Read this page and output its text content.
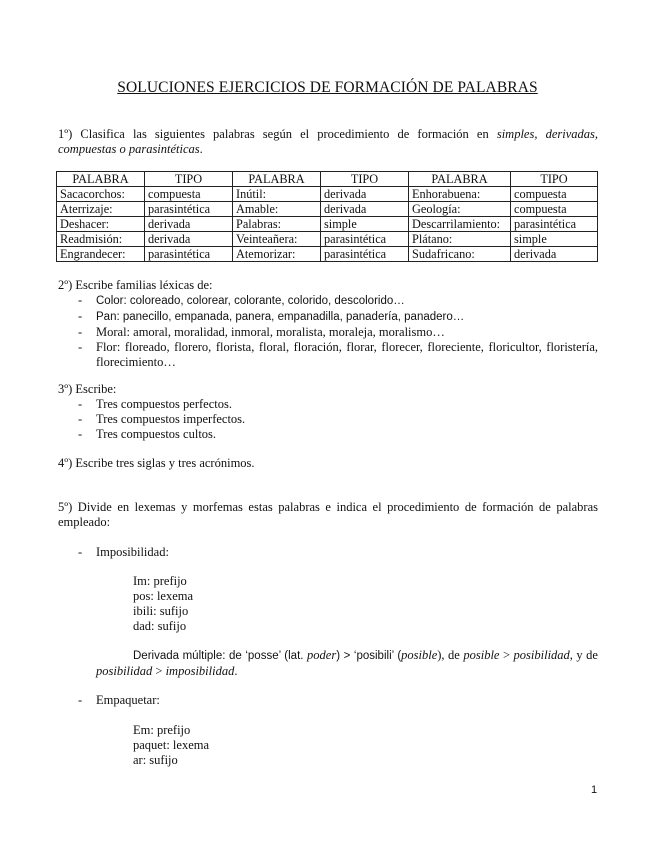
SOLUCIONES EJERCICIOS DE FORMACIÓN DE PALABRAS
1º) Clasifica las siguientes palabras según el procedimiento de formación en simples, derivadas, compuestas o parasintéticas.
PALABRA	TIPO	PALABRA	TIPO	PALABRA	TIPO
Sacacorchos:	compuesta	Inútil:	derivada	Enhorabuena:	compuesta
Aterrizaje:	parasintética	Amable:	derivada	Geología:	compuesta
Deshacer:	derivada	Palabras:	simple	Descarrilamiento:	parasintética
Readmisión:	derivada	Veinteañera:	parasintética	Plátano:	simple
Engrandecer:	parasintética	Atemorizar:	parasintética	Sudafricano:	derivada
2º) Escribe familias léxicas de:
- Color: coloreado, colorear, colorante, colorido, descolorido…
- Pan: panecillo, empanada, panera, empanadilla, panadería, panadero…
- Moral: amoral, moralidad, inmoral, moralista, moraleja, moralismo…
- Flor: floreado, florero, florista, floral, floración, florar, florecer, floreciente, floricultor, floristería, florecimiento…
3º) Escribe:
- Tres compuestos perfectos.
- Tres compuestos imperfectos.
- Tres compuestos cultos.
4º) Escribe tres siglas y tres acrónimos.
5º) Divide en lexemas y morfemas estas palabras e indica el procedimiento de formación de palabras empleado:
- Imposibilidad:
Im: prefijo
pos: lexema
ibili: sufijo
dad: sufijo
Derivada múltiple: de ‘posse’ (lat. poder) > ‘posibili’ (posible), de posible > posibilidad, y de posibilidad > imposibilidad.
- Empaquetar:
Em: prefijo
paquet: lexema
ar: sufijo
1
